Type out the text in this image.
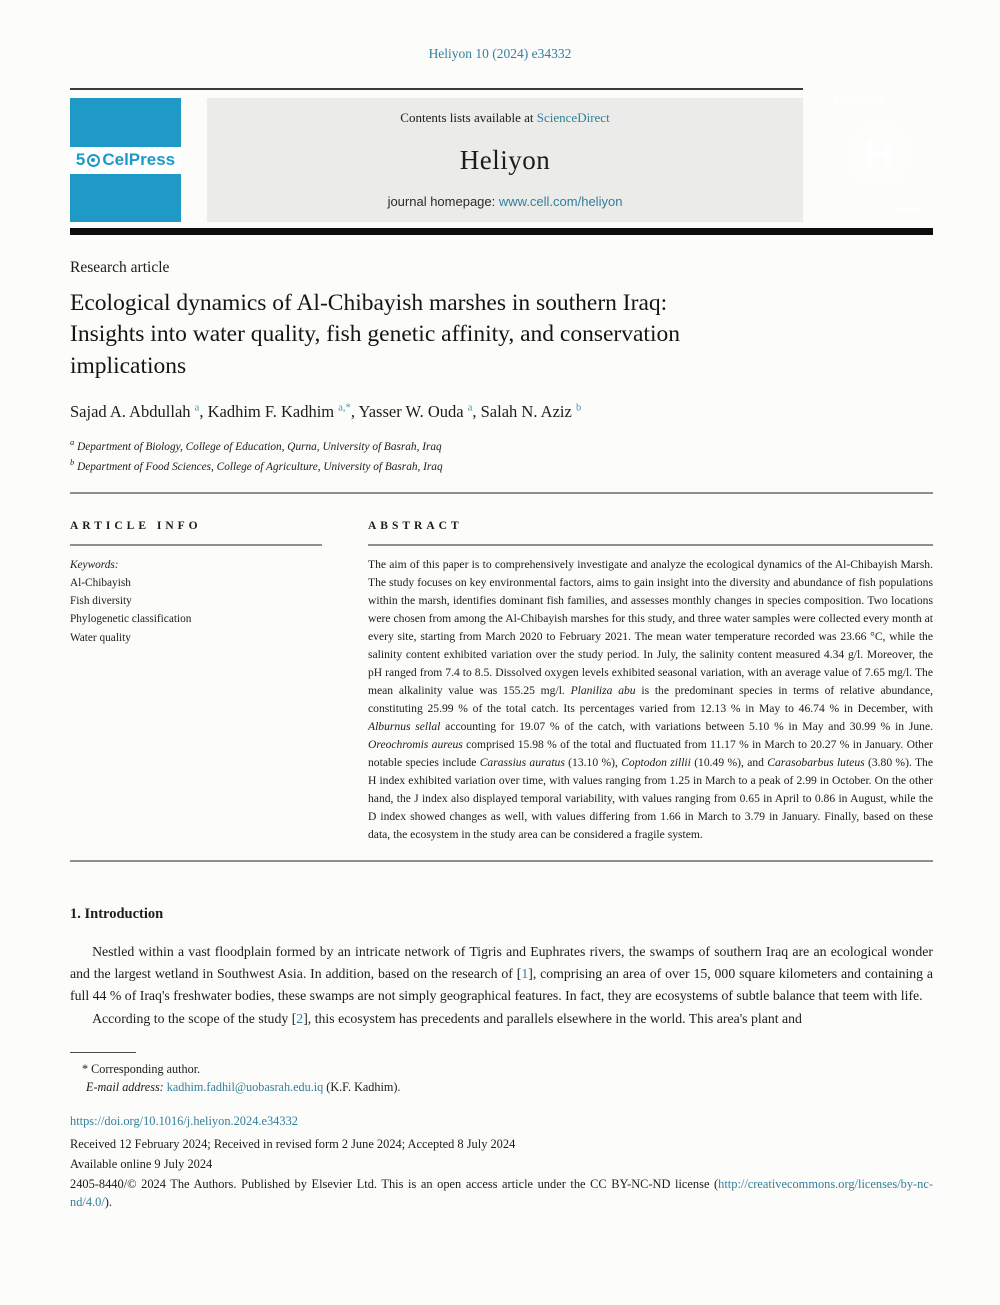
Heliyon 10 (2024) e34332
5 CelPress
Contents lists available at ScienceDirect
Heliyon
journal homepage: www.cell.com/heliyon
Heliyon
H
CellPress
Research article
Ecological dynamics of Al-Chibayish marshes in southern Iraq: Insights into water quality, fish genetic affinity, and conservation implications
Sajad A. Abdullah $^a$ , Kadhim F. Kadhim $^{a,*}$ , Yasser W. Ouda $^a$ , Salah N. Aziz $^b$
$^a$ Department of Biology, College of Education, Qurna, University of Basrah, Iraq
$^b$ Department of Food Sciences, College of Agriculture, University of Basrah, Iraq
ARTICLE INFO
Keywords:
Al-Chibayish
Fish diversity
Phylogenetic classification
Water quality
ABSTRACT
The aim of this paper is to comprehensively investigate and analyze the ecological dynamics of the Al-Chibayish Marsh. The study focuses on key environmental factors, aims to gain insight into the diversity and abundance of fish populations within the marsh, identifies dominant fish families, and assesses monthly changes in species composition. Two locations were chosen from among the Al-Chibayish marshes for this study, and three water samples were collected every month at every site, starting from March 2020 to February 2021. The mean water temperature recorded was 23.66 °C, while the salinity content exhibited variation over the study period. In July, the salinity content measured 4.34 g/l. Moreover, the pH ranged from 7.4 to 8.5. Dissolved oxygen levels exhibited seasonal variation, with an average value of 7.65 mg/l. The mean alkalinity value was 155.25 mg/l. Planiliza abu is the predominant species in terms of relative abundance, constituting 25.99 % of the total catch. Its percentages varied from 12.13 % in May to 46.74 % in December, with Alburnus sellal accounting for 19.07 % of the catch, with variations between 5.10 % in May and 30.99 % in June. Oreochromis aureus comprised 15.98 % of the total and fluctuated from 11.17 % in March to 20.27 % in January. Other notable species include Carassius auratus (13.10 %), Coptodon zillii (10.49 %), and Carasobarbus luteus (3.80 %). The H index exhibited variation over time, with values ranging from 1.25 in March to a peak of 2.99 in October. On the other hand, the J index also displayed temporal variability, with values ranging from 0.65 in April to 0.86 in August, while the D index showed changes as well, with values differing from 1.66 in March to 3.79 in January. Finally, based on these data, the ecosystem in the study area can be considered a fragile system.
1. Introduction

Nestled within a vast floodplain formed by an intricate network of Tigris and Euphrates rivers, the swamps of southern Iraq are an ecological wonder and the largest wetland in Southwest Asia. In addition, based on the research of [1], comprising an area of over 15, 000 square kilometers and containing a full 44 % of Iraq's freshwater bodies, these swamps are not simply geographical features. In fact, they are ecosystems of subtle balance that teem with life.

According to the scope of the study [2], this ecosystem has precedents and parallels elsewhere in the world. This area's plant and

* Corresponding author.
E-mail address: kadhim.fadhil@uobasrah.edu.iq (K.F. Kadhim).
https://doi.org/10.1016/j.heliyon.2024.e34332
Received 12 February 2024; Received in revised form 2 June 2024; Accepted 8 July 2024
Available online 9 July 2024

2405-8440/© 2024 The Authors. Published by Elsevier Ltd. This is an open access article under the CC BY-NC-ND license (http://creativecommons.org/licenses/by-nc-nd/4.0/).
